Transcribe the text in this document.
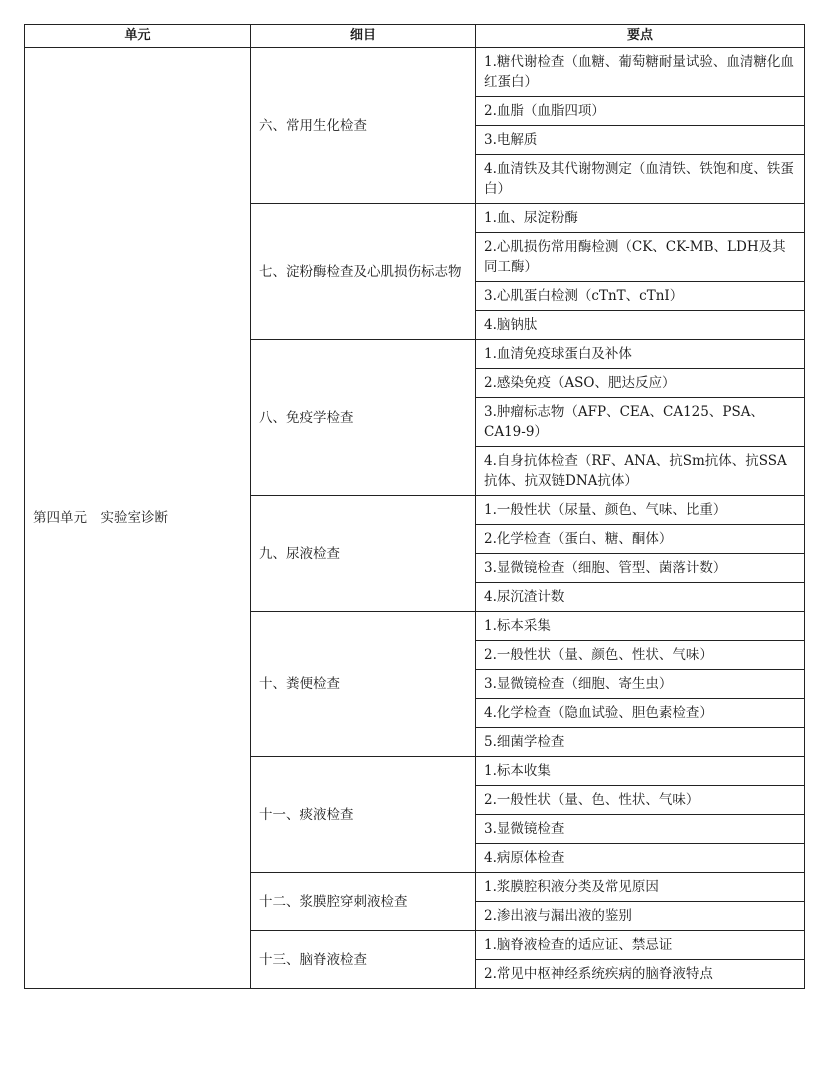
单元	细目	要点
第四单元　实验室诊断	六、常用生化检查	1.糖代谢检查（血糖、葡萄糖耐量试验、血清糖化血红蛋白）
		2.血脂（血脂四项）
		3.电解质
		4.血清铁及其代谢物测定（血清铁、铁饱和度、铁蛋白）
	七、淀粉酶检查及心肌损伤标志物	1.血、尿淀粉酶
		2.心肌损伤常用酶检测（CK、CK-MB、LDH及其同工酶）
		3.心肌蛋白检测（cTnT、cTnI）
		4.脑钠肽
	八、免疫学检查	1.血清免疫球蛋白及补体
		2.感染免疫（ASO、肥达反应）
		3.肿瘤标志物（AFP、CEA、CA125、PSA、CA19-9）
		4.自身抗体检查（RF、ANA、抗Sm抗体、抗SSA抗体、抗双链DNA抗体）
	九、尿液检查	1.一般性状（尿量、颜色、气味、比重）
		2.化学检查（蛋白、糖、酮体）
		3.显微镜检查（细胞、管型、菌落计数）
		4.尿沉渣计数
	十、粪便检查	1.标本采集
		2.一般性状（量、颜色、性状、气味）
		3.显微镜检查（细胞、寄生虫）
		4.化学检查（隐血试验、胆色素检查）
		5.细菌学检查
	十一、痰液检查	1.标本收集
		2.一般性状（量、色、性状、气味）
		3.显微镜检查
		4.病原体检查
	十二、浆膜腔穿刺液检查	1.浆膜腔积液分类及常见原因
		2.渗出液与漏出液的鉴别
	十三、脑脊液检查	1.脑脊液检查的适应证、禁忌证
		2.常见中枢神经系统疾病的脑脊液特点
